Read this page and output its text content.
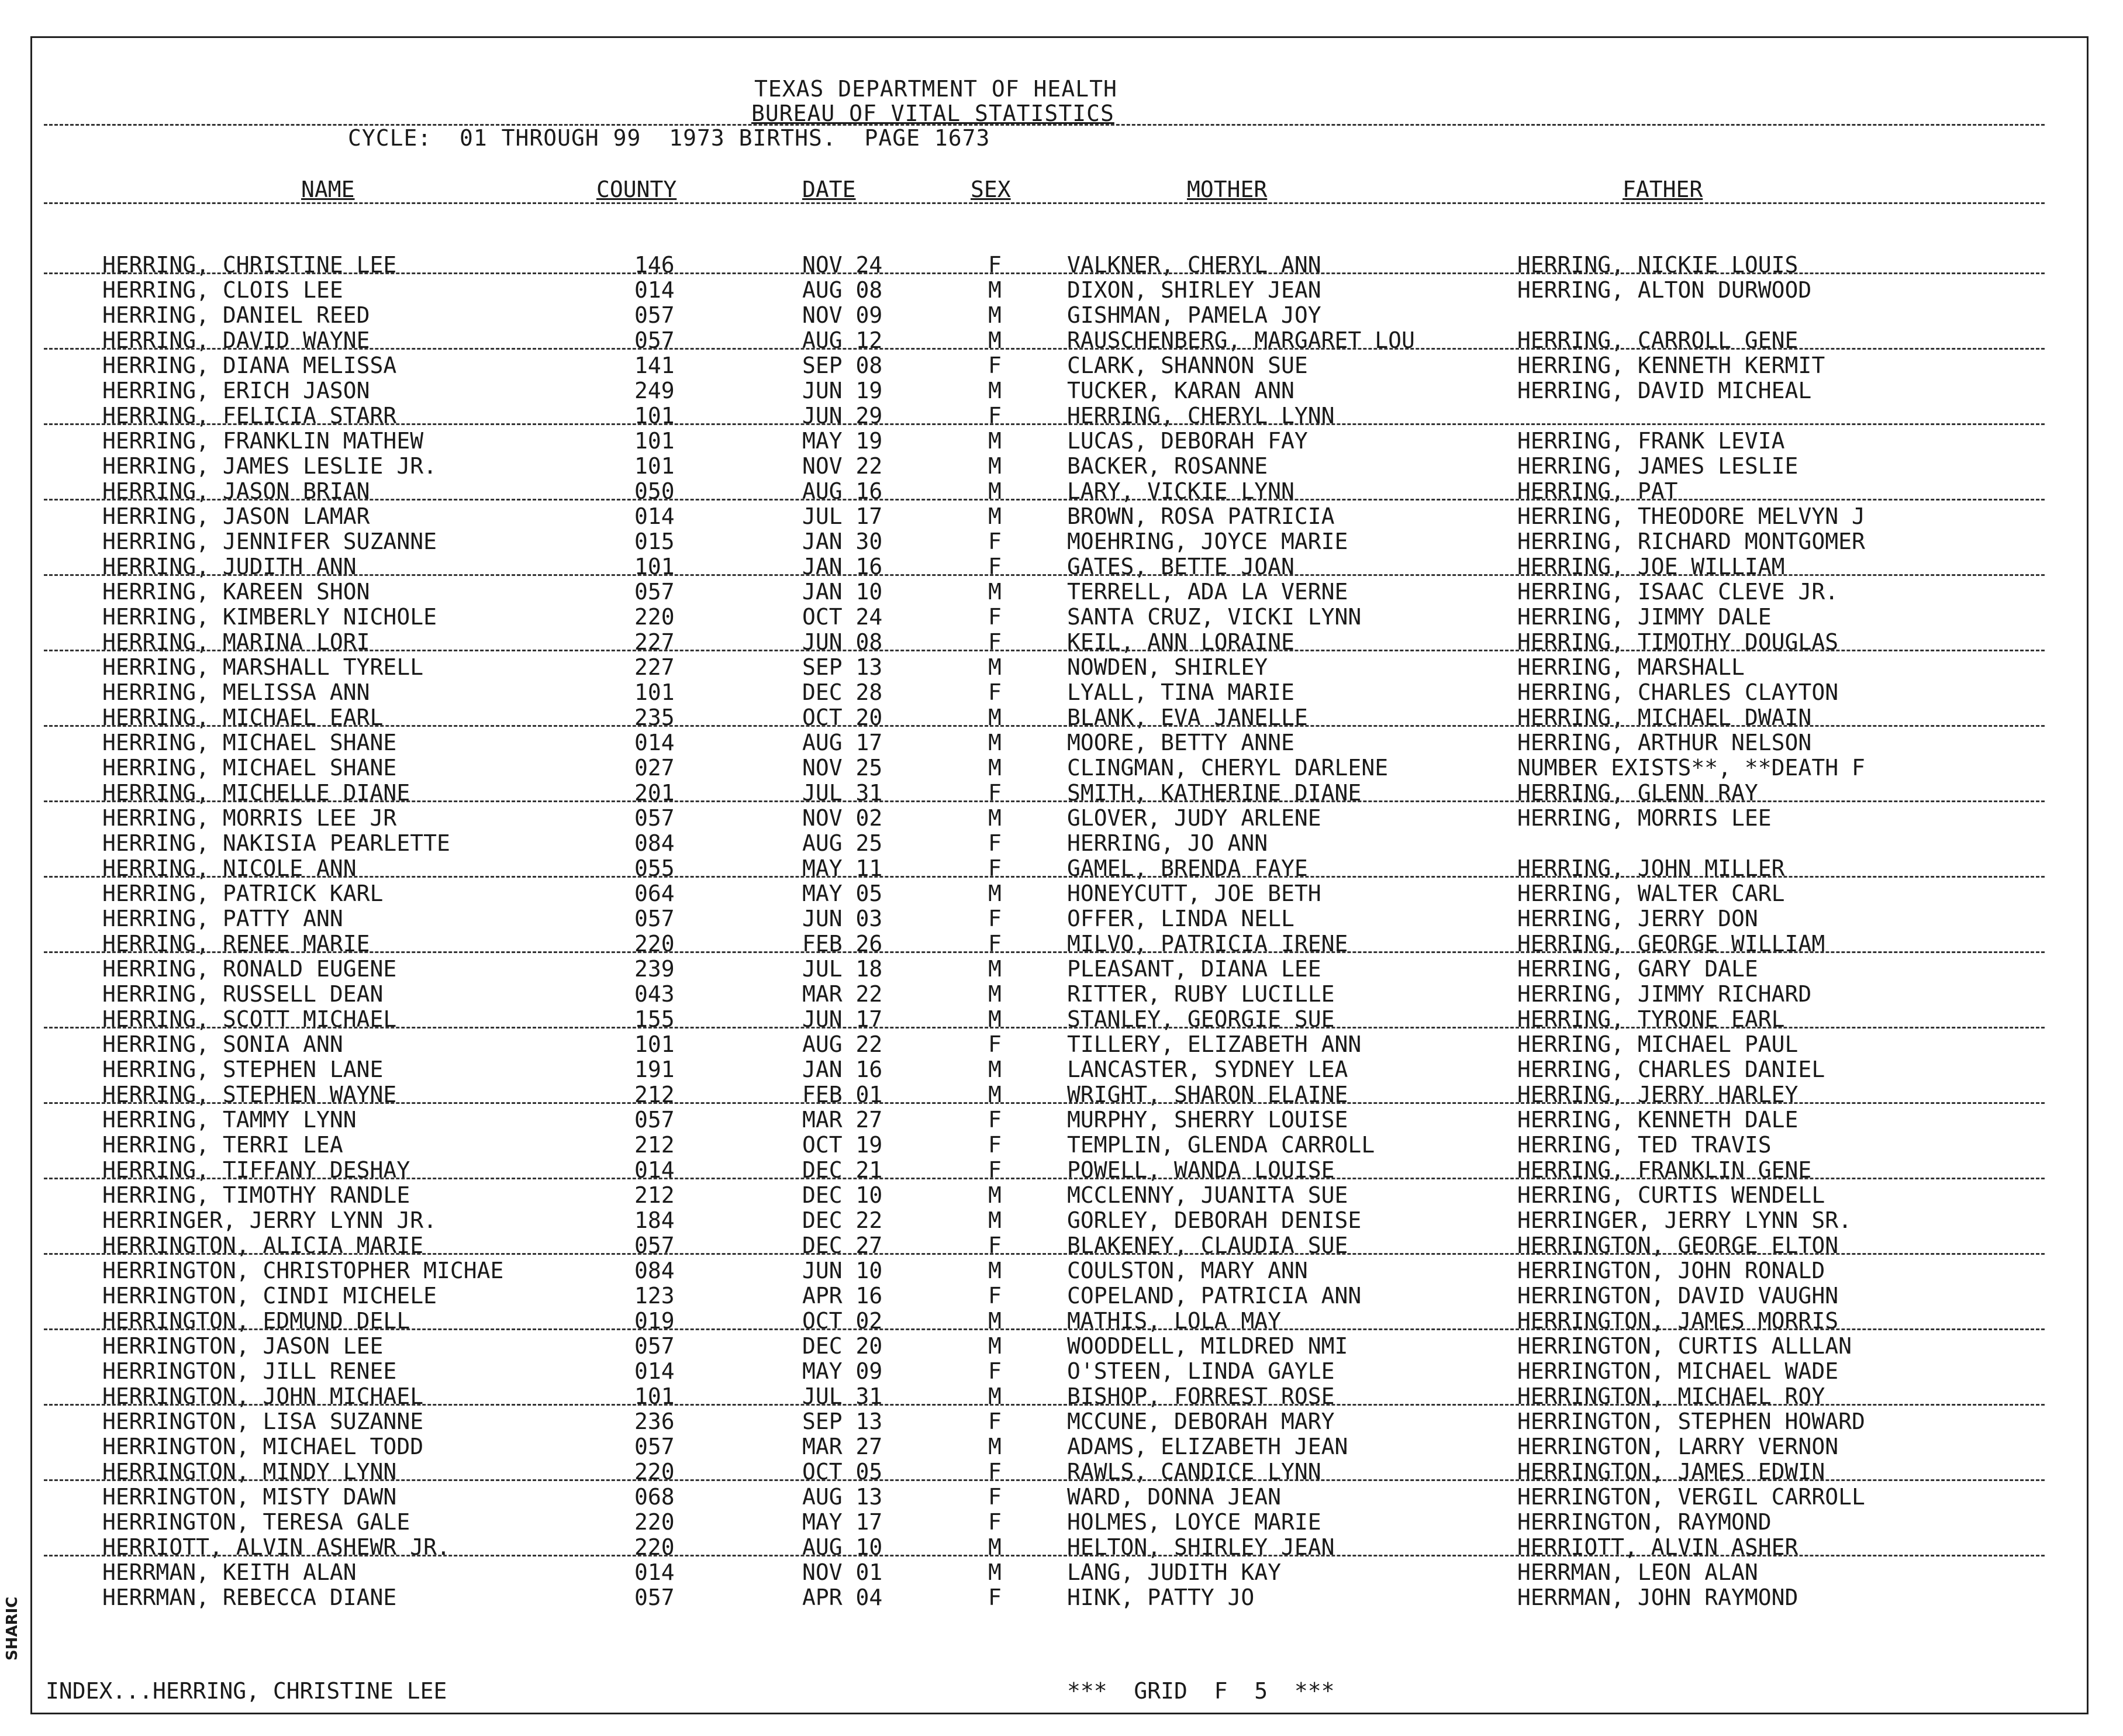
TEXAS DEPARTMENT OF HEALTH
BUREAU OF VITAL STATISTICS
CYCLE:  01 THROUGH 99  1973 BIRTHS.  PAGE 1673
NAME	COUNTY	DATE	SEX	MOTHER	FATHER
HERRING, CHRISTINE LEE	146	NOV 24	F	VALKNER, CHERYL ANN	HERRING, NICKIE LOUIS
HERRING, CLOIS LEE	014	AUG 08	M	DIXON, SHIRLEY JEAN	HERRING, ALTON DURWOOD
HERRING, DANIEL REED	057	NOV 09	M	GISHMAN, PAMELA JOY
HERRING, DAVID WAYNE	057	AUG 12	M	RAUSCHENBERG, MARGARET LOU	HERRING, CARROLL GENE
HERRING, DIANA MELISSA	141	SEP 08	F	CLARK, SHANNON SUE	HERRING, KENNETH KERMIT
HERRING, ERICH JASON	249	JUN 19	M	TUCKER, KARAN ANN	HERRING, DAVID MICHEAL
HERRING, FELICIA STARR	101	JUN 29	F	HERRING, CHERYL LYNN
HERRING, FRANKLIN MATHEW	101	MAY 19	M	LUCAS, DEBORAH FAY	HERRING, FRANK LEVIA
HERRING, JAMES LESLIE JR.	101	NOV 22	M	BACKER, ROSANNE	HERRING, JAMES LESLIE
HERRING, JASON BRIAN	050	AUG 16	M	LARY, VICKIE LYNN	HERRING, PAT
HERRING, JASON LAMAR	014	JUL 17	M	BROWN, ROSA PATRICIA	HERRING, THEODORE MELVYN J
HERRING, JENNIFER SUZANNE	015	JAN 30	F	MOEHRING, JOYCE MARIE	HERRING, RICHARD MONTGOMER
HERRING, JUDITH ANN	101	JAN 16	F	GATES, BETTE JOAN	HERRING, JOE WILLIAM
HERRING, KAREEN SHON	057	JAN 10	M	TERRELL, ADA LA VERNE	HERRING, ISAAC CLEVE JR.
HERRING, KIMBERLY NICHOLE	220	OCT 24	F	SANTA CRUZ, VICKI LYNN	HERRING, JIMMY DALE
HERRING, MARINA LORI	227	JUN 08	F	KEIL, ANN LORAINE	HERRING, TIMOTHY DOUGLAS
HERRING, MARSHALL TYRELL	227	SEP 13	M	NOWDEN, SHIRLEY	HERRING, MARSHALL
HERRING, MELISSA ANN	101	DEC 28	F	LYALL, TINA MARIE	HERRING, CHARLES CLAYTON
HERRING, MICHAEL EARL	235	OCT 20	M	BLANK, EVA JANELLE	HERRING, MICHAEL DWAIN
HERRING, MICHAEL SHANE	014	AUG 17	M	MOORE, BETTY ANNE	HERRING, ARTHUR NELSON
HERRING, MICHAEL SHANE	027	NOV 25	M	CLINGMAN, CHERYL DARLENE	NUMBER EXISTS**, **DEATH F
HERRING, MICHELLE DIANE	201	JUL 31	F	SMITH, KATHERINE DIANE	HERRING, GLENN RAY
HERRING, MORRIS LEE JR	057	NOV 02	M	GLOVER, JUDY ARLENE	HERRING, MORRIS LEE
HERRING, NAKISIA PEARLETTE	084	AUG 25	F	HERRING, JO ANN
HERRING, NICOLE ANN	055	MAY 11	F	GAMEL, BRENDA FAYE	HERRING, JOHN MILLER
HERRING, PATRICK KARL	064	MAY 05	M	HONEYCUTT, JOE BETH	HERRING, WALTER CARL
HERRING, PATTY ANN	057	JUN 03	F	OFFER, LINDA NELL	HERRING, JERRY DON
HERRING, RENEE MARIE	220	FEB 26	F	MILVO, PATRICIA IRENE	HERRING, GEORGE WILLIAM
HERRING, RONALD EUGENE	239	JUL 18	M	PLEASANT, DIANA LEE	HERRING, GARY DALE
HERRING, RUSSELL DEAN	043	MAR 22	M	RITTER, RUBY LUCILLE	HERRING, JIMMY RICHARD
HERRING, SCOTT MICHAEL	155	JUN 17	M	STANLEY, GEORGIE SUE	HERRING, TYRONE EARL
HERRING, SONIA ANN	101	AUG 22	F	TILLERY, ELIZABETH ANN	HERRING, MICHAEL PAUL
HERRING, STEPHEN LANE	191	JAN 16	M	LANCASTER, SYDNEY LEA	HERRING, CHARLES DANIEL
HERRING, STEPHEN WAYNE	212	FEB 01	M	WRIGHT, SHARON ELAINE	HERRING, JERRY HARLEY
HERRING, TAMMY LYNN	057	MAR 27	F	MURPHY, SHERRY LOUISE	HERRING, KENNETH DALE
HERRING, TERRI LEA	212	OCT 19	F	TEMPLIN, GLENDA CARROLL	HERRING, TED TRAVIS
HERRING, TIFFANY DESHAY	014	DEC 21	F	POWELL, WANDA LOUISE	HERRING, FRANKLIN GENE
HERRING, TIMOTHY RANDLE	212	DEC 10	M	MCCLENNY, JUANITA SUE	HERRING, CURTIS WENDELL
HERRINGER, JERRY LYNN JR.	184	DEC 22	M	GORLEY, DEBORAH DENISE	HERRINGER, JERRY LYNN SR.
HERRINGTON, ALICIA MARIE	057	DEC 27	F	BLAKENEY, CLAUDIA SUE	HERRINGTON, GEORGE ELTON
HERRINGTON, CHRISTOPHER MICHAE	084	JUN 10	M	COULSTON, MARY ANN	HERRINGTON, JOHN RONALD
HERRINGTON, CINDI MICHELE	123	APR 16	F	COPELAND, PATRICIA ANN	HERRINGTON, DAVID VAUGHN
HERRINGTON, EDMUND DELL	019	OCT 02	M	MATHIS, LOLA MAY	HERRINGTON, JAMES MORRIS
HERRINGTON, JASON LEE	057	DEC 20	M	WOODDELL, MILDRED NMI	HERRINGTON, CURTIS ALLLAN
HERRINGTON, JILL RENEE	014	MAY 09	F	O'STEEN, LINDA GAYLE	HERRINGTON, MICHAEL WADE
HERRINGTON, JOHN MICHAEL	101	JUL 31	M	BISHOP, FORREST ROSE	HERRINGTON, MICHAEL ROY
HERRINGTON, LISA SUZANNE	236	SEP 13	F	MCCUNE, DEBORAH MARY	HERRINGTON, STEPHEN HOWARD
HERRINGTON, MICHAEL TODD	057	MAR 27	M	ADAMS, ELIZABETH JEAN	HERRINGTON, LARRY VERNON
HERRINGTON, MINDY LYNN	220	OCT 05	F	RAWLS, CANDICE LYNN	HERRINGTON, JAMES EDWIN
HERRINGTON, MISTY DAWN	068	AUG 13	F	WARD, DONNA JEAN	HERRINGTON, VERGIL CARROLL
HERRINGTON, TERESA GALE	220	MAY 17	F	HOLMES, LOYCE MARIE	HERRINGTON, RAYMOND
HERRIOTT, ALVIN ASHEWR JR.	220	AUG 10	M	HELTON, SHIRLEY JEAN	HERRIOTT, ALVIN ASHER
HERRMAN, KEITH ALAN	014	NOV 01	M	LANG, JUDITH KAY	HERRMAN, LEON ALAN
HERRMAN, REBECCA DIANE	057	APR 04	F	HINK, PATTY JO	HERRMAN, JOHN RAYMOND
INDEX...HERRING, CHRISTINE LEE	***  GRID  F  5  ***
SHARIC
